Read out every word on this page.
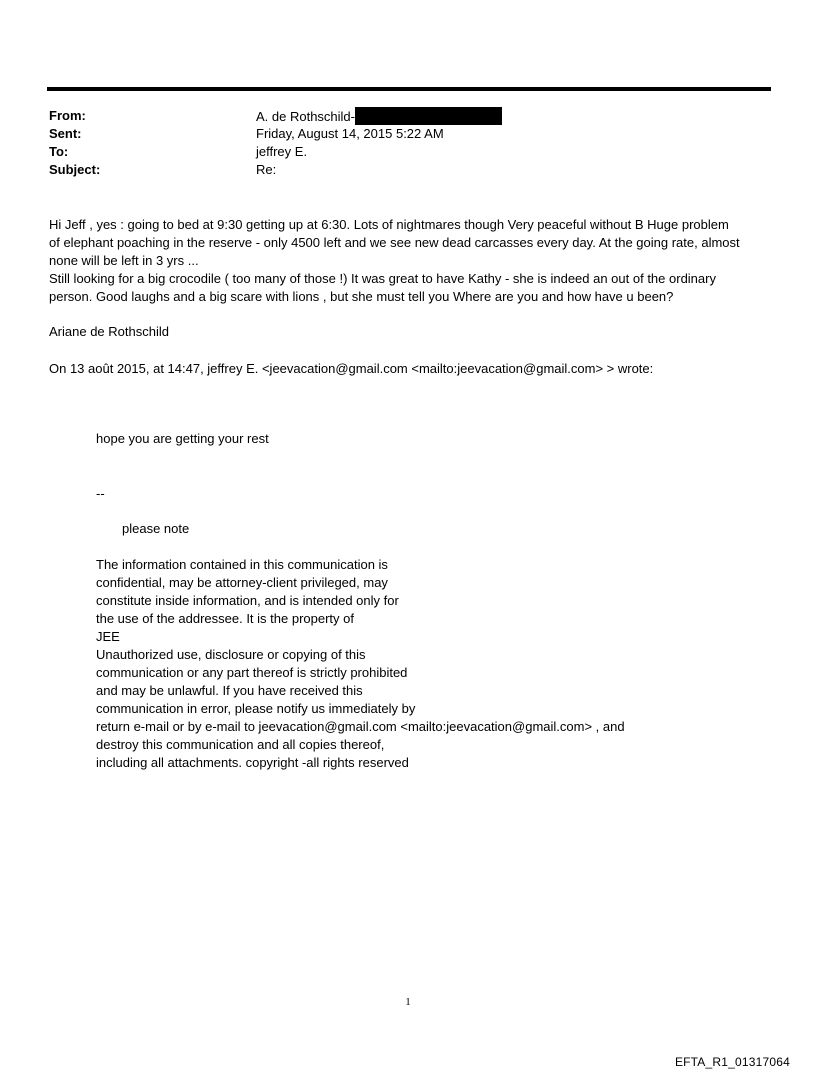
From:	A. de Rothschild-
Sent:	Friday, August 14, 2015 5:22 AM
To:	jeffrey E.
Subject:	Re:
Hi Jeff , yes : going to bed at 9:30 getting up at 6:30. Lots of nightmares though Very peaceful without B Huge problem
of elephant poaching in the reserve - only 4500 left and we see new dead carcasses every day. At the going rate, almost
none will be left in 3 yrs ...
Still looking for a big crocodile ( too many of those !) It was great to have Kathy - she is indeed an out of the ordinary
person. Good laughs and a big scare with lions , but she must tell you Where are you and how have u been?
Ariane de Rothschild
On 13 août 2015, at 14:47, jeffrey E. <jeevacation@gmail.com <mailto:jeevacation@gmail.com> > wrote:
hope you are getting your rest
--
please note
The information contained in this communication is
confidential, may be attorney-client privileged, may
constitute inside information, and is intended only for
the use of the addressee. It is the property of
JEE
Unauthorized use, disclosure or copying of this
communication or any part thereof is strictly prohibited
and may be unlawful. If you have received this
communication in error, please notify us immediately by
return e-mail or by e-mail to jeevacation@gmail.com <mailto:jeevacation@gmail.com> , and
destroy this communication and all copies thereof,
including all attachments. copyright -all rights reserved
1
EFTA_R1_01317064
